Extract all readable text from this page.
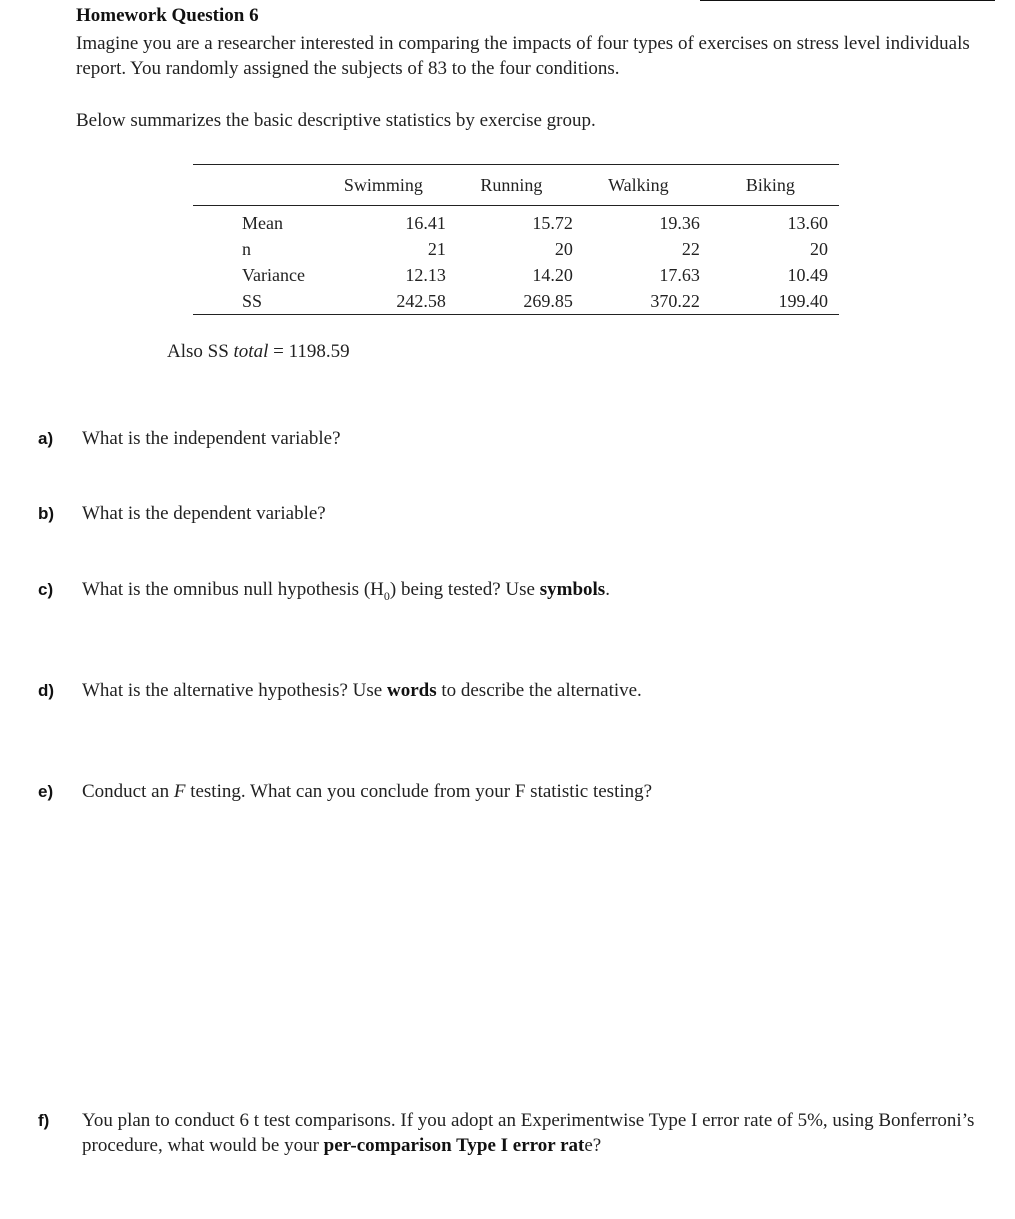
Homework Question 6
Imagine you are a researcher interested in comparing the impacts of four types of exercises on stress level individuals report. You randomly assigned the subjects of 83 to the four conditions.
Below summarizes the basic descriptive statistics by exercise group.
	Swimming	Running	Walking	Biking
Mean	16.41	15.72	19.36	13.60
n	21	20	22	20
Variance	12.13	14.20	17.63	10.49
SS	242.58	269.85	370.22	199.40
Also SS total = 1198.59
a) What is the independent variable?
b) What is the dependent variable?
c) What is the omnibus null hypothesis $(H_0)$ being tested? Use symbols.
d) What is the alternative hypothesis? Use words to describe the alternative.
e) Conduct an F testing. What can you conclude from your F statistic testing?
f) You plan to conduct 6 t test comparisons. If you adopt an Experimentwise Type I error rate of 5%, using Bonferroni’s procedure, what would be your per-comparison Type I error rate?
